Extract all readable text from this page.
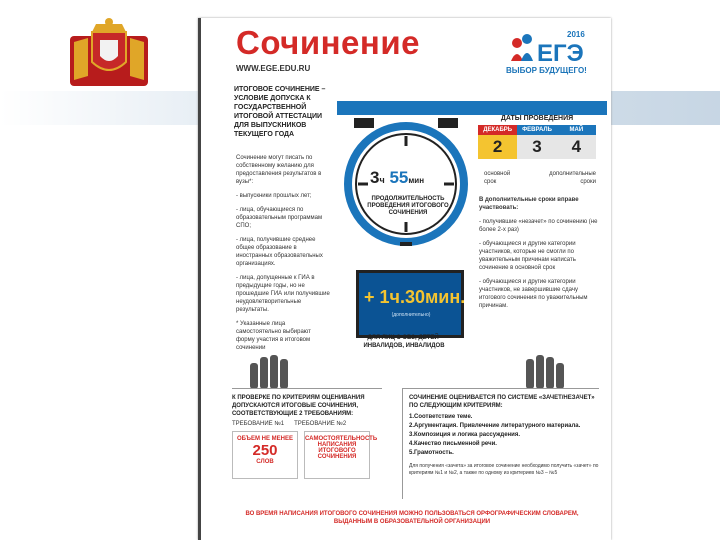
Сочинение
WWW.EGE.EDU.RU
ЕГЭ
2016
ВЫБОР БУДУЩЕГО!
ИТОГОВОЕ СОЧИНЕНИЕ – УСЛОВИЕ ДОПУСКА К ГОСУДАРСТВЕННОЙ ИТОГОВОЙ АТТЕСТАЦИИ ДЛЯ ВЫПУСКНИКОВ ТЕКУЩЕГО ГОДА

Сочинение могут писать по собственному желанию для предоставления результатов в вузы*:

- выпускники прошлых лет;

- лица, обучающиеся по образовательным программам СПО;

- лица, получившие среднее общее образование в иностранных образовательных организациях.

- лица, допущенные к ГИА в предыдущие годы, но не прошедшие ГИА или получившие неудовлетворительные результаты.

* Указанные лица самостоятельно выбирают форму участия в итоговом сочинении

3ч 55мин
ПРОДОЛЖИТЕЛЬНОСТЬ ПРОВЕДЕНИЯ ИТОГОВОГО СОЧИНЕНИЯ
ДАТЫ ПРОВЕДЕНИЯ
ДЕКАБРЬ	ФЕВРАЛЬ	МАЙ
2	3	4
основной срок
дополнительные сроки

В дополнительные сроки вправе участвовать:

- получившие «незачет» по сочинению (не более 2-х раз)

- обучающиеся и другие категории участников, которые не смогли по уважительным причинам написать сочинение в основной срок

- обучающиеся и другие категории участников, не завершившие сдачу итогового сочинения по уважительным причинам.

+ 1ч.30мин.
(дополнительно)
ДЛЯ ЛИЦ С ОВЗ, ДЕТЕЙ-ИНВАЛИДОВ, ИНВАЛИДОВ
К ПРОВЕРКЕ ПО КРИТЕРИЯМ ОЦЕНИВАНИЯ ДОПУСКАЮТСЯ ИТОГОВЫЕ СОЧИНЕНИЯ, СООТВЕТСТВУЮЩИЕ 2 ТРЕБОВАНИЯМ:
ТРЕБОВАНИЕ №1 ТРЕБОВАНИЕ №2
ОБЪЕМ НЕ МЕНЕЕ
250
СЛОВ
САМОСТОЯТЕЛЬНОСТЬ НАПИСАНИЯ ИТОГОВОГО СОЧИНЕНИЯ
СОЧИНЕНИЕ ОЦЕНИВАЕТСЯ ПО СИСТЕМЕ «ЗАЧЕТ/НЕЗАЧЕТ» ПО СЛЕДУЮЩИМ КРИТЕРИЯМ:
1.Соответствие теме.
2.Аргументация. Привлечение литературного материала.
3.Композиция и логика рассуждения.
4.Качество письменной речи.
5.Грамотность.
Для получения «зачета» за итоговое сочинение необходимо получить «зачет» по критериям №1 и №2, а также по одному из критериев №3 – №5
ВО ВРЕМЯ НАПИСАНИЯ ИТОГОВОГО СОЧИНЕНИЯ МОЖНО ПОЛЬЗОВАТЬСЯ ОРФОГРАФИЧЕСКИМ СЛОВАРЕМ, ВЫДАННЫМ В ОБРАЗОВАТЕЛЬНОЙ ОРГАНИЗАЦИИ
